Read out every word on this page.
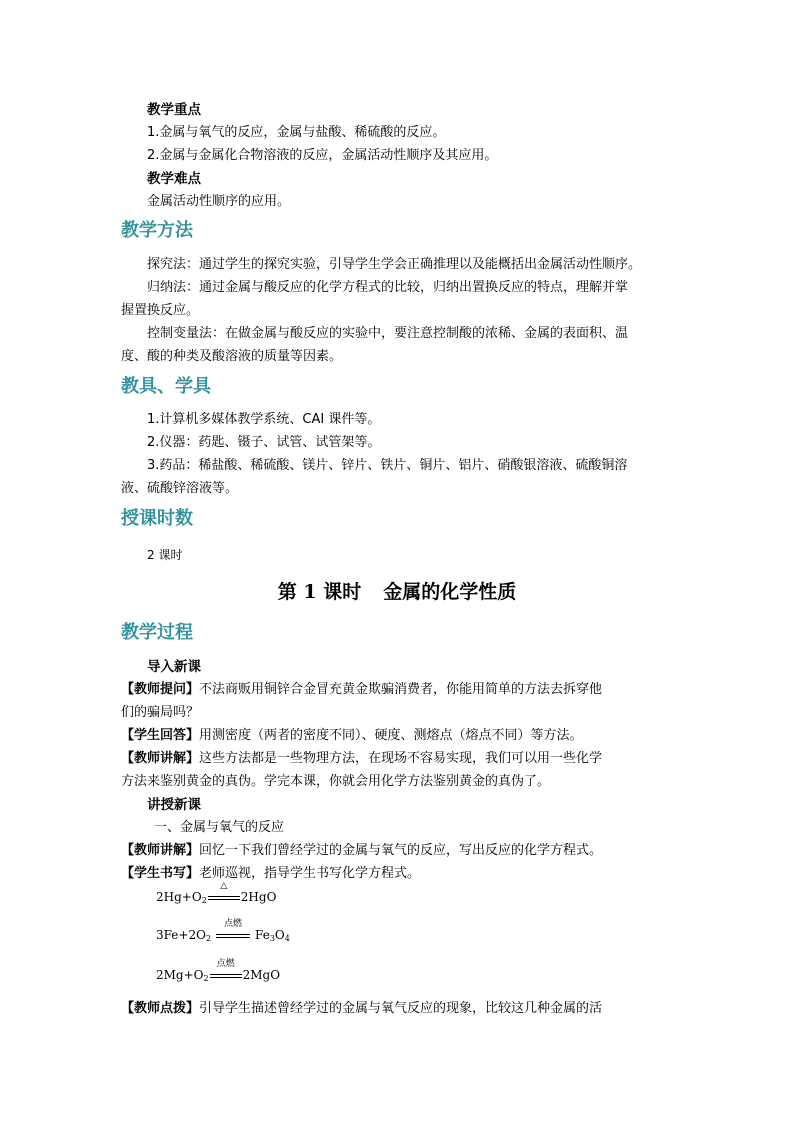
教学重点
1.金属与氧气的反应，金属与盐酸、稀硫酸的反应。
2.金属与金属化合物溶液的反应，金属活动性顺序及其应用。
教学难点
金属活动性顺序的应用。
教学方法
探究法：通过学生的探究实验，引导学生学会正确推理以及能概括出金属活动性顺序。
归纳法：通过金属与酸反应的化学方程式的比较，归纳出置换反应的特点，理解并掌
握置换反应。
控制变量法：在做金属与酸反应的实验中，要注意控制酸的浓稀、金属的表面积、温
度、酸的种类及酸溶液的质量等因素。
教具、学具
1.计算机多媒体教学系统、CAI 课件等。
2.仪器：药匙、镊子、试管、试管架等。
3.药品：稀盐酸、稀硫酸、镁片、锌片、铁片、铜片、铝片、硝酸银溶液、硫酸铜溶
液、硫酸锌溶液等。
授课时数
2 课时
第 1 课时 金属的化学性质
教学过程
导入新课
【教师提问】不法商贩用铜锌合金冒充黄金欺骗消费者，你能用简单的方法去拆穿他
们的骗局吗？
【学生回答】用测密度（两者的密度不同）、硬度、测熔点（熔点不同）等方法。
【教师讲解】这些方法都是一些物理方法，在现场不容易实现，我们可以用一些化学
方法来鉴别黄金的真伪。学完本课，你就会用化学方法鉴别黄金的真伪了。
讲授新课
一、金属与氧气的反应
【教师讲解】回忆一下我们曾经学过的金属与氧气的反应，写出反应的化学方程式。
【学生书写】老师巡视，指导学生书写化学方程式。
$2Hg+O_2$
△
2HgO
$3Fe+2O_2$
点燃
$Fe_3O_4$
$2Mg+O_2$
点燃
2MgO
【教师点拨】引导学生描述曾经学过的金属与氧气反应的现象，比较这几种金属的活
